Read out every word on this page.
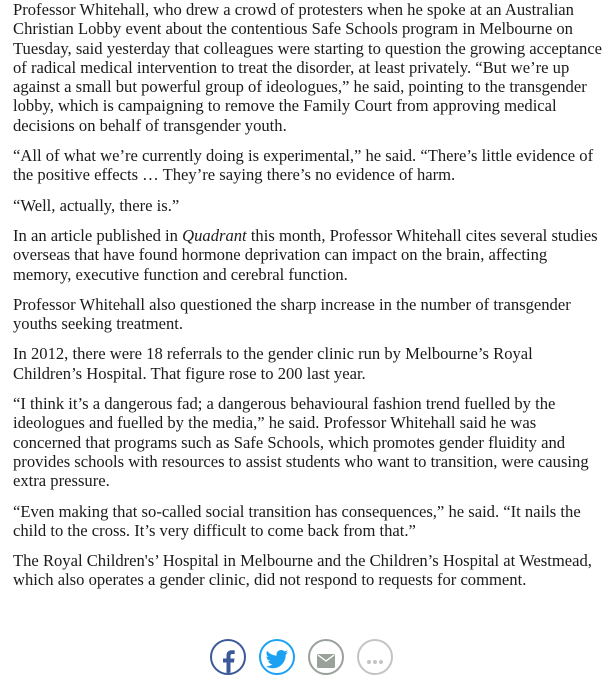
Professor Whitehall, who drew a crowd of protesters when he spoke at an Australian Christian Lobby event about the contentious Safe Schools program in Melbourne on Tuesday, said yesterday that colleagues were starting to question the growing acceptance of radical medical intervention to treat the disorder, at least privately. “But we’re up against a small but powerful group of ideologues,” he said, pointing to the transgender lobby, which is campaigning to remove the Family Court from approving medical decisions on behalf of transgender youth.

“All of what we’re currently doing is experimental,” he said. “There’s little evidence of the positive effects … They’re saying there’s no evidence of harm.

“Well, actually, there is.”

In an article published in Quadrant this month, Professor Whitehall cites several studies overseas that have found hormone deprivation can impact on the brain, affecting memory, executive function and cerebral function.

Professor Whitehall also questioned the sharp increase in the number of transgender youths seeking treatment.

In 2012, there were 18 referrals to the gender clinic run by Melbourne’s Royal Children’s Hospital. That figure rose to 200 last year.

“I think it’s a dangerous fad; a dangerous behavioural fashion trend fuelled by the ideologues and fuelled by the media,” he said. Professor Whitehall said he was concerned that programs such as Safe Schools, which promotes gender fluidity and provides schools with resources to assist students who want to transition, were causing extra pressure.

“Even making that so-called social transition has consequences,” he said. “It nails the child to the cross. It’s very difficult to come back from that.”

The Royal Children's’ Hospital in Melbourne and the Children’s Hospital at Westmead, which also operates a gender clinic, did not respond to requests for comment.
